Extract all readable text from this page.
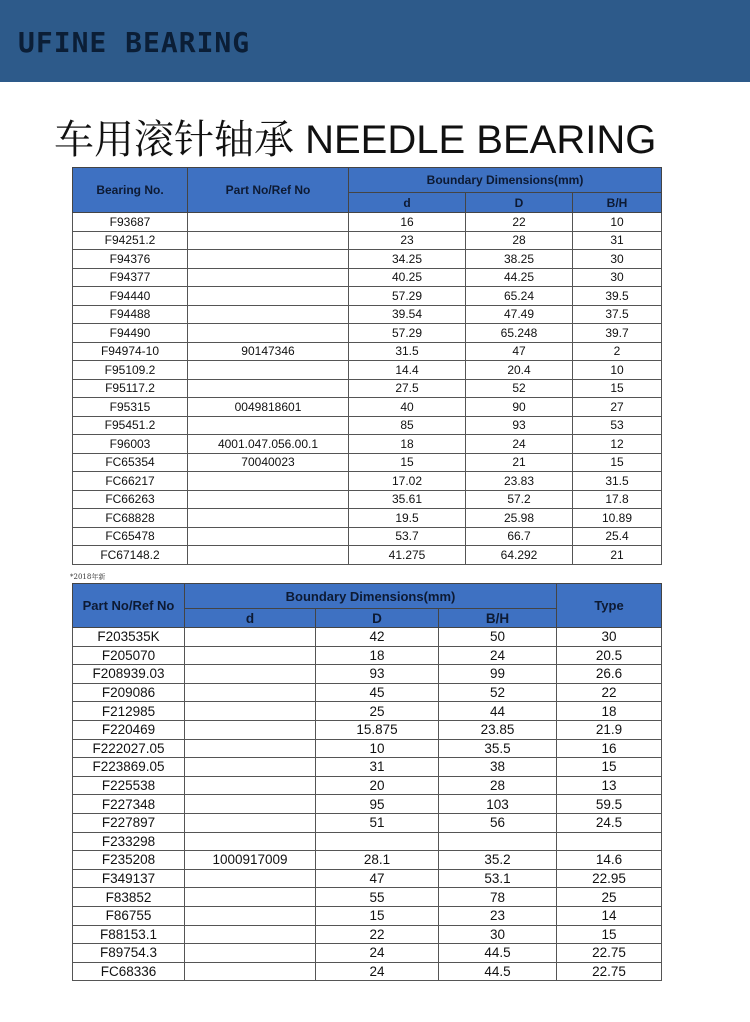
UFINE BEARING
车用滚针轴承 NEEDLE BEARING
Bearing No.	Part No/Ref No	Boundary Dimensions(mm)		
		d	D	B/H
F93687		16	22	10
F94251.2		23	28	31
F94376		34.25	38.25	30
F94377		40.25	44.25	30
F94440		57.29	65.24	39.5
F94488		39.54	47.49	37.5
F94490		57.29	65.248	39.7
F94974-10	90147346	31.5	47	2
F95109.2		14.4	20.4	10
F95117.2		27.5	52	15
F95315	0049818601	40	90	27
F95451.2		85	93	53
F96003	4001.047.056.00.1	18	24	12
FC65354	70040023	15	21	15
FC66217		17.02	23.83	31.5
FC66263		35.61	57.2	17.8
FC68828		19.5	25.98	10.89
FC65478		53.7	66.7	25.4
FC67148.2		41.275	64.292	21
*2018年新
Part No/Ref No	Boundary Dimensions(mm)			Type
	d	D	B/H	
F203535K		42	50	30
F205070		18	24	20.5
F208939.03		93	99	26.6
F209086		45	52	22
F212985		25	44	18
F220469		15.875	23.85	21.9
F222027.05		10	35.5	16
F223869.05		31	38	15
F225538		20	28	13
F227348		95	103	59.5
F227897		51	56	24.5
F233298				
F235208	1000917009	28.1	35.2	14.6
F349137		47	53.1	22.95
F83852		55	78	25
F86755		15	23	14
F88153.1		22	30	15
F89754.3		24	44.5	22.75
FC68336		24	44.5	22.75
